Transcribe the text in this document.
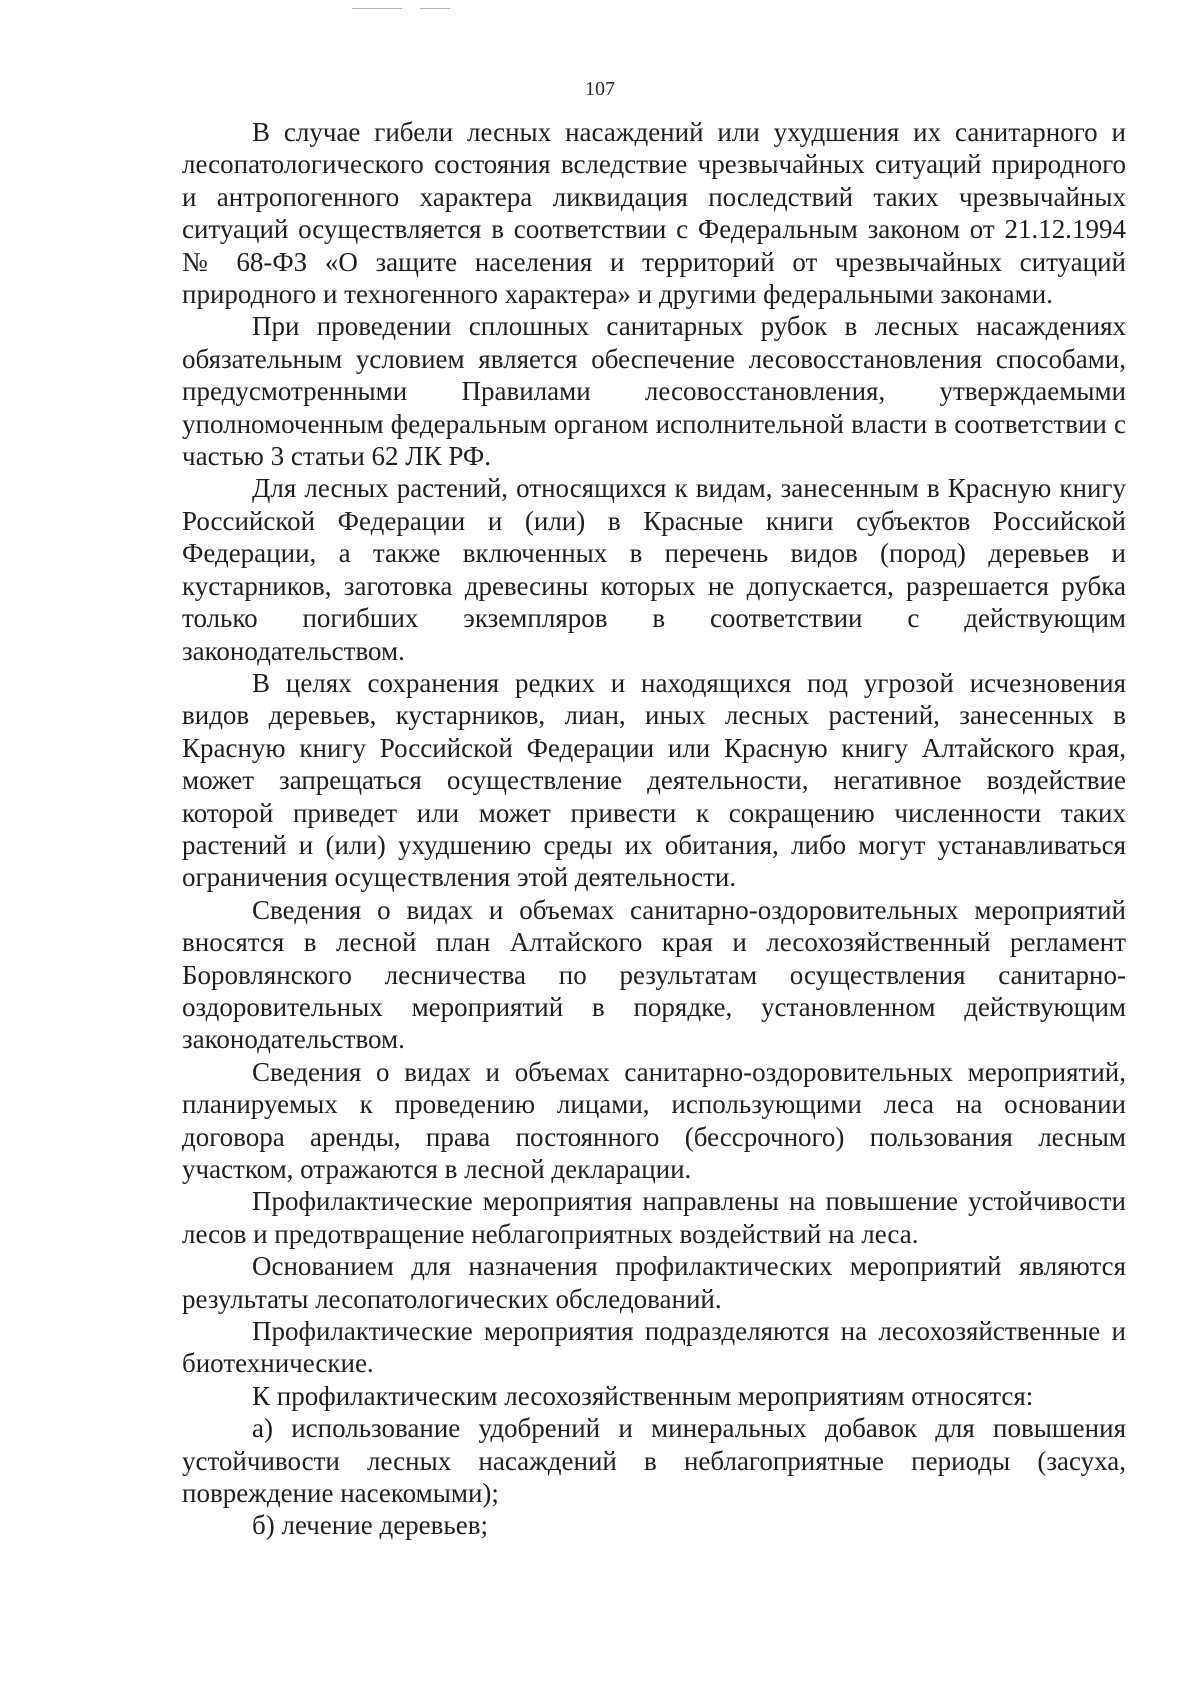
107

В случае гибели лесных насаждений или ухудшения их санитарного и лесопатологического состояния вследствие чрезвычайных ситуаций природного и антропогенного характера ликвидация последствий таких чрезвычайных ситуаций осуществляется в соответствии с Федеральным законом от 21.12.1994 № 68-ФЗ «О защите населения и территорий от чрезвычайных ситуаций природного и техногенного характера» и другими федеральными законами.

При проведении сплошных санитарных рубок в лесных насаждениях обязательным условием является обеспечение лесовосстановления способами, предусмотренными Правилами лесовосстановления, утверждаемыми уполномоченным федеральным органом исполнительной власти в соответствии с частью 3 статьи 62 ЛК РФ.

Для лесных растений, относящихся к видам, занесенным в Красную книгу Российской Федерации и (или) в Красные книги субъектов Российской Федерации, а также включенных в перечень видов (пород) деревьев и кустарников, заготовка древесины которых не допускается, разрешается рубка только погибших экземпляров в соответствии с действующим законодательством.

В целях сохранения редких и находящихся под угрозой исчезновения видов деревьев, кустарников, лиан, иных лесных растений, занесенных в Красную книгу Российской Федерации или Красную книгу Алтайского края, может запрещаться осуществление деятельности, негативное воздействие которой приведет или может привести к сокращению численности таких растений и (или) ухудшению среды их обитания, либо могут устанавливаться ограничения осуществления этой деятельности.

Сведения о видах и объемах санитарно-оздоровительных мероприятий вносятся в лесной план Алтайского края и лесохозяйственный регламент Боровлянского лесничества по результатам осуществления санитарно-оздоровительных мероприятий в порядке, установленном действующим законодательством.

Сведения о видах и объемах санитарно-оздоровительных мероприятий, планируемых к проведению лицами, использующими леса на основании договора аренды, права постоянного (бессрочного) пользования лесным участком, отражаются в лесной декларации.

Профилактические мероприятия направлены на повышение устойчивости лесов и предотвращение неблагоприятных воздействий на леса.

Основанием для назначения профилактических мероприятий являются результаты лесопатологических обследований.

Профилактические мероприятия подразделяются на лесохозяйственные и биотехнические.

К профилактическим лесохозяйственным мероприятиям относятся:

а) использование удобрений и минеральных добавок для повышения устойчивости лесных насаждений в неблагоприятные периоды (засуха, повреждение насекомыми);

б) лечение деревьев;
